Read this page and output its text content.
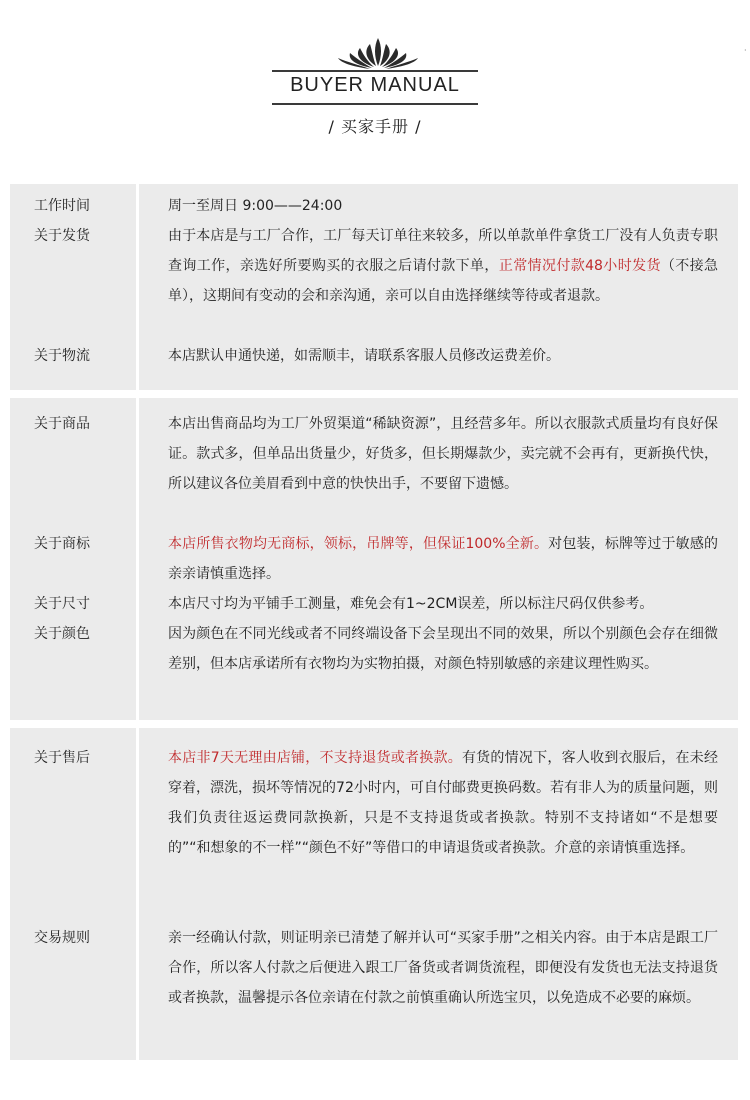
BUYER MANUAL
/ 买家手册 /
·
工作时间	周一至周日 9:00——24:00
关于发货	由于本店是与工厂合作，工厂每天订单往来较多，所以单款单件拿货工厂没有人负责专职查询工作，亲选好所要购买的衣服之后请付款下单，正常情况付款48小时发货（不接急单），这期间有变动的会和亲沟通，亲可以自由选择继续等待或者退款。
关于物流	本店默认申通快递，如需顺丰，请联系客服人员修改运费差价。
关于商品	本店出售商品均为工厂外贸渠道“稀缺资源”，且经营多年。所以衣服款式质量均有良好保证。款式多，但单品出货量少，好货多，但长期爆款少，卖完就不会再有，更新换代快，所以建议各位美眉看到中意的快快出手，不要留下遗憾。
关于商标	本店所售衣物均无商标，领标，吊牌等，但保证100%全新。对包装，标牌等过于敏感的亲亲请慎重选择。
关于尺寸	本店尺寸均为平铺手工测量，难免会有1~2CM误差，所以标注尺码仅供参考。
关于颜色	因为颜色在不同光线或者不同终端设备下会呈现出不同的效果，所以个别颜色会存在细微差别，但本店承诺所有衣物均为实物拍摄，对颜色特别敏感的亲建议理性购买。
关于售后	本店非7天无理由店铺，不支持退货或者换款。有货的情况下，客人收到衣服后，在未经穿着，漂洗，损坏等情况的72小时内，可自付邮费更换码数。若有非人为的质量问题，则我们负责往返运费同款换新，只是不支持退货或者换款。特别不支持诸如“不是想要的”“和想象的不一样”“颜色不好”等借口的申请退货或者换款。介意的亲请慎重选择。
交易规则	亲一经确认付款，则证明亲已清楚了解并认可“买家手册”之相关内容。由于本店是跟工厂合作，所以客人付款之后便进入跟工厂备货或者调货流程，即便没有发货也无法支持退货或者换款，温馨提示各位亲请在付款之前慎重确认所选宝贝，以免造成不必要的麻烦。
